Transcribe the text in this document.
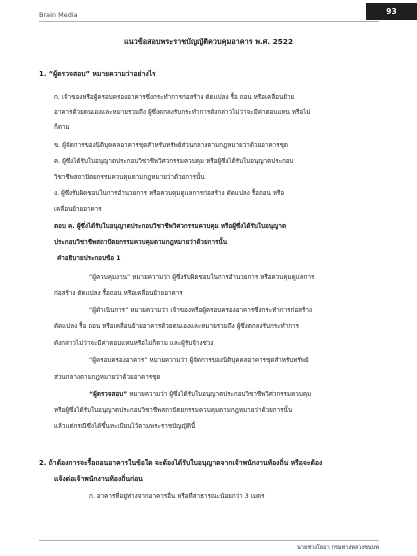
Brain Media	93
แนวข้อสอบพระราชบัญญัติควบคุมอาคาร พ.ศ. 2522
1. “ผู้ตรวจสอบ” หมายความว่าอย่างไร
ก. เจ้าของหรือผู้ครอบครองอาคารซึ่งกระทำการก่อสร้าง ดัดแปลง รื้อ ถอน หรือเคลื่อนย้าย
อาคารด้วยตนเองและหมายรวมถึง ผู้ซึ่งตกลงรับกระทำการดังกล่าวไม่ว่าจะมีค่าตอบแทน หรือไม่
ก็ตาม
ข. ผู้จัดการของนิติบุคคลอาคารชุดสำหรับทรัพย์ส่วนกลางตามกฎหมายว่าด้วยอาคารชุด
ค. ผู้ซึ่งได้รับใบอนุญาตประกอบวิชาชีพวิศวกรรมควบคุม หรือผู้ซึ่งได้รับใบอนุญาตประกอบ
วิชาชีพสถาปัตยกรรมควบคุมตามกฎหมายว่าด้วยการนั้น
ง. ผู้ซึ่งรับผิดชอบในการอำนวยการ หรือควบคุมดูแลการก่อสร้าง ดัดแปลง รื้อถอน หรือ
เคลื่อนย้ายอาคาร
ตอบ ค. ผู้ซึ่งได้รับใบอนุญาตประกอบวิชาชีพวิศวกรรมควบคุม หรือผู้ซึ่งได้รับใบอนุญาต
ประกอบวิชาชีพสถาปัตยกรรมควบคุมตามกฎหมายว่าด้วยการนั้น
คำอธิบายประกอบข้อ 1
“ผู้ควบคุมงาน” หมายความว่า ผู้ซึ่งรับผิดชอบในการอำนวยการ หรือควบคุมดูแลการ
ก่อสร้าง ดัดแปลง รื้อถอน หรือเคลื่อนย้ายอาคาร
“ผู้ดำเนินการ” หมายความว่า เจ้าของหรือผู้ครอบครองอาคารซึ่งกระทำการก่อสร้าง
ดัดแปลง รื้อ ถอน หรือเคลื่อนย้ายอาคารด้วยตนเองและหมายรวมถึง ผู้ซึ่งตกลงรับกระทำการ
ดังกล่าวไม่ว่าจะมีค่าตอบแทนหรือไม่ก็ตาม และผู้รับจ้างช่วง
“ผู้ครอบครองอาคาร” หมายความว่า ผู้จัดการของนิติบุคคลอาคารชุดสำหรับทรัพย์
ส่วนกลางตามกฎหมายว่าด้วยอาคารชุด
“ผู้ตรวจสอบ” หมายความว่า ผู้ซึ่งได้รับใบอนุญาตประกอบวิชาชีพวิศวกรรมควบคุม
หรือผู้ซึ่งได้รับใบอนุญาตประกอบวิชาชีพสถาปัตยกรรมควบคุมตามกฎหมายว่าด้วยการนั้น
แล้วแต่กรณีซึ่งได้ขึ้นทะเบียนไว้ตามพระราชบัญญัตินี้
2. ถ้าต้องการจะรื้อถอนอาคารในข้อใด จะต้องได้รับใบอนุญาตจากเจ้าพนักงานท้องถิ่น หรือจะต้อง
แจ้งต่อเจ้าพนักงานท้องถิ่นก่อน
ก. อาคารที่อยู่ห่างจากอาคารอื่น หรือที่สาธารณะน้อยกว่า 3 เมตร
นายช่างโยธา กรมทางหลวงชนบท
